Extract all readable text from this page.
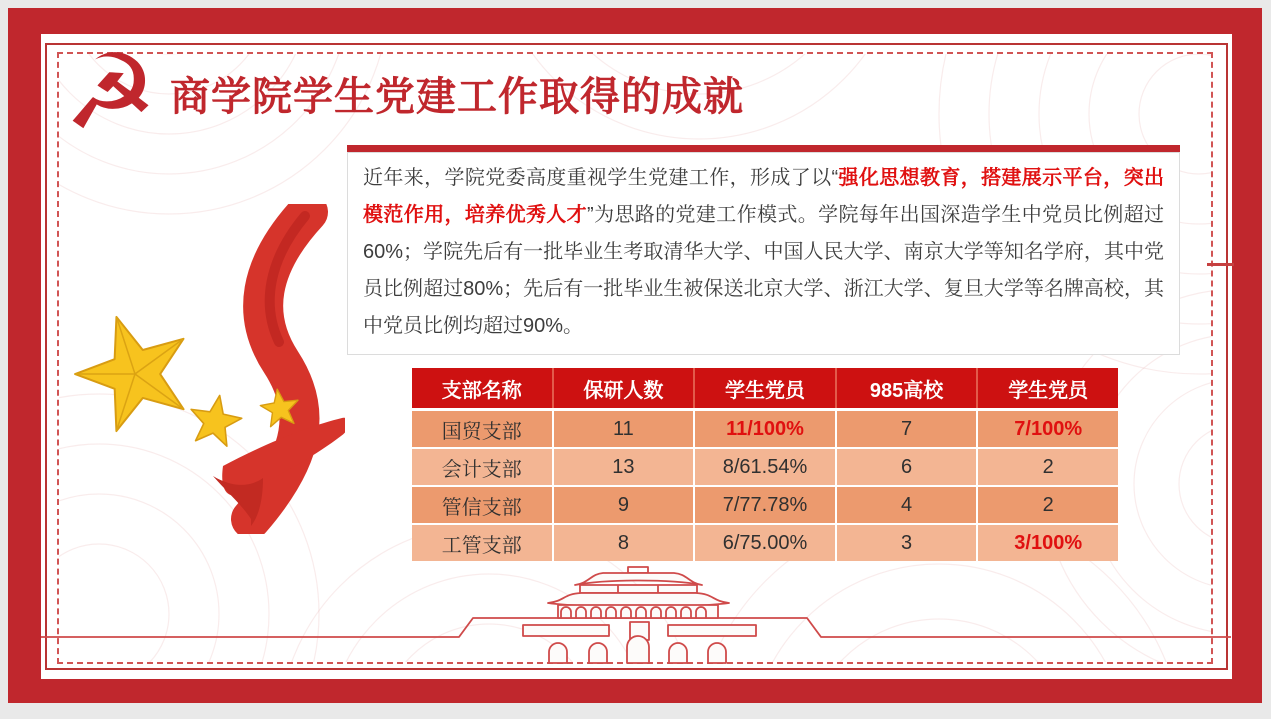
☭ 商学院学生党建工作取得的成就
近年来，学院党委高度重视学生党建工作，形成了以“强化思想教育，搭建展示平台，突出模范作用，培养优秀人才”为思路的党建工作模式。学院每年出国深造学生中党员比例超过60%；学院先后有一批毕业生考取清华大学、中国人民大学、南京大学等知名学府，其中党员比例超过80%；先后有一批毕业生被保送北京大学、浙江大学、复旦大学等名牌高校，其中党员比例均超过90%。
支部名称	保研人数	学生党员	985高校	学生党员
国贸支部	11	11/100%	7	7/100%
会计支部	13	8/61.54%	6	2
管信支部	9	7/77.78%	4	2
工管支部	8	6/75.00%	3	3/100%
